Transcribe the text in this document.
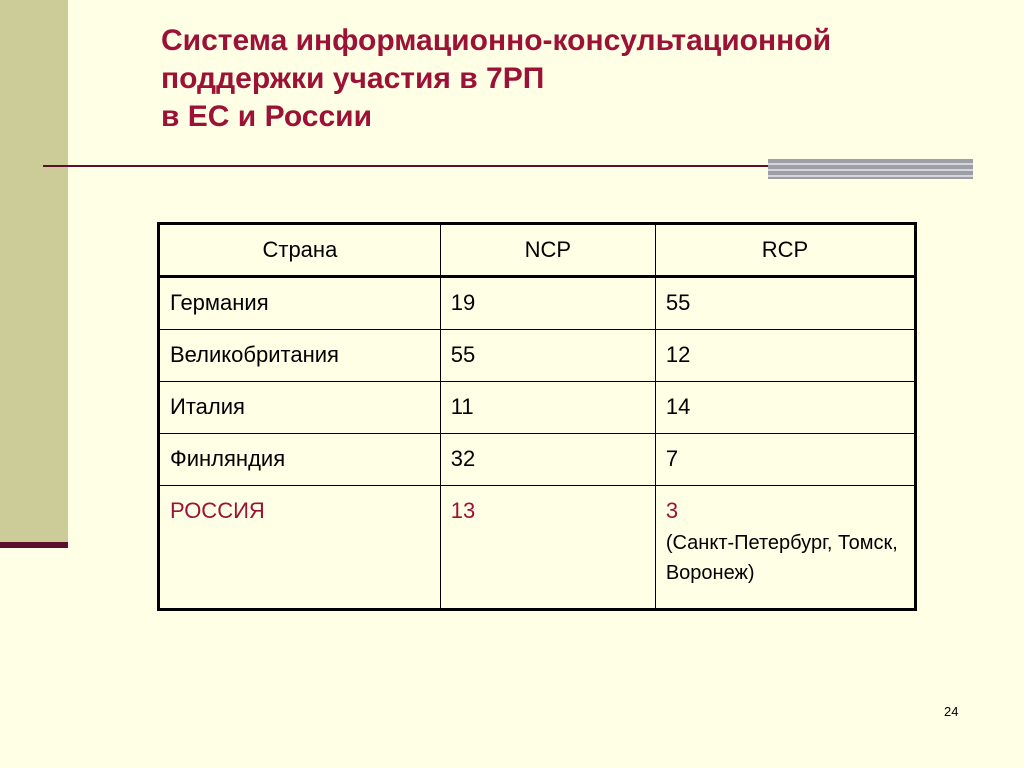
Система информационно-консультационной
поддержки участия в 7РП
в ЕС и России
Страна	NCP	RCP
Германия	19	55
Великобритания	55	12
Италия	11	14
Финляндия	32	7
РОССИЯ	13	3
(Санкт-Петербург, Томск, Воронеж)
24
